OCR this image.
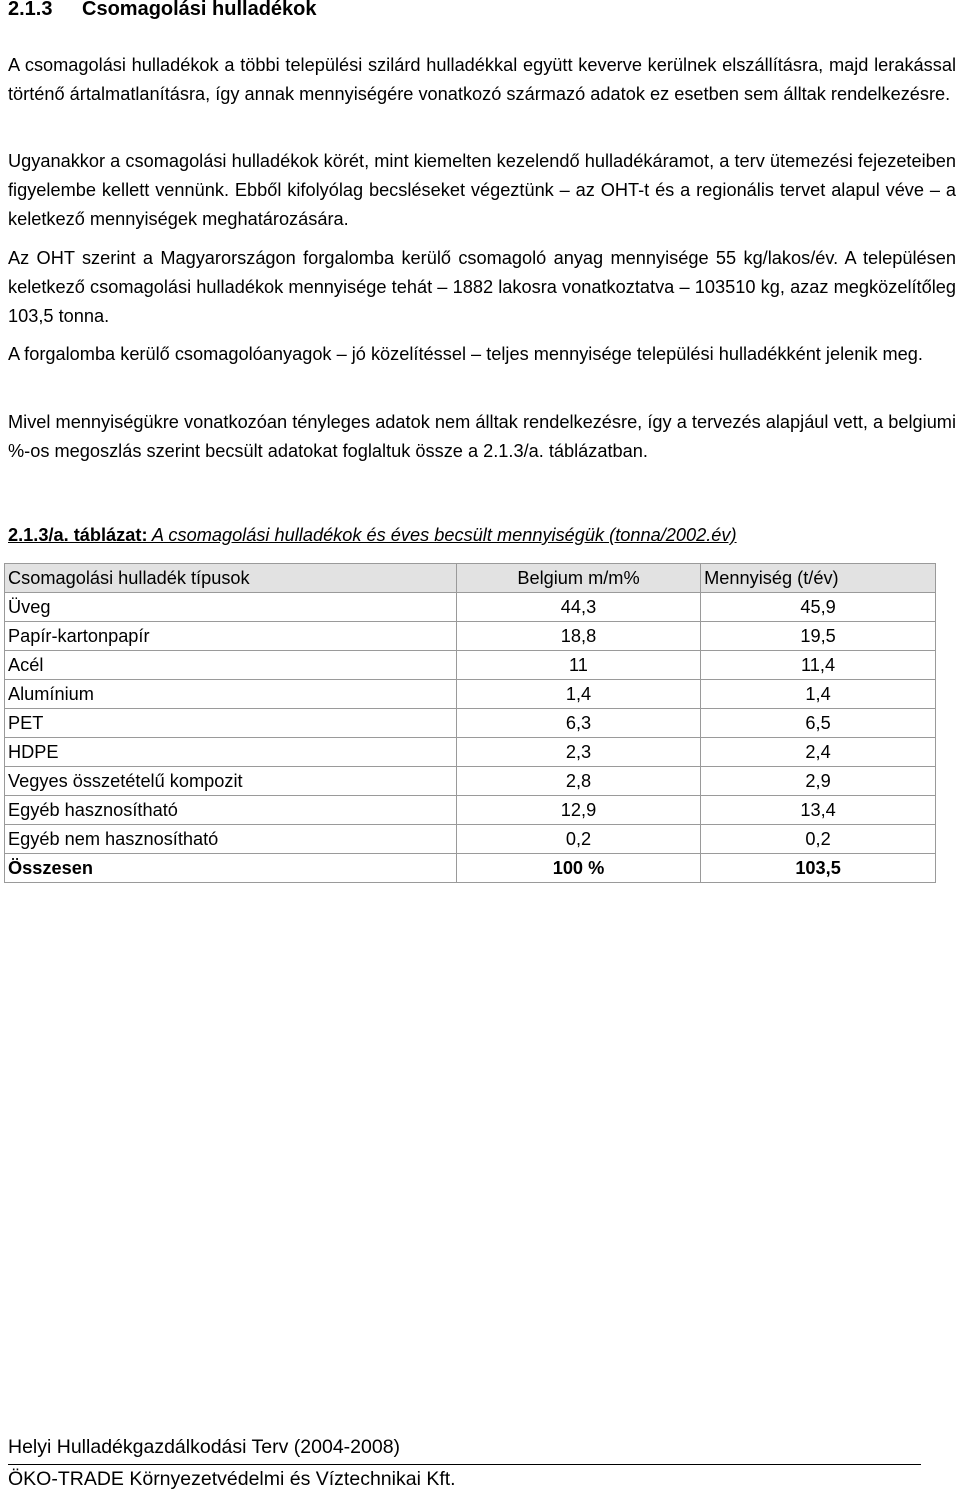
2.1.3 Csomagolási hulladékok

A csomagolási hulladékok a többi települési szilárd hulladékkal együtt keverve kerülnek elszállításra, majd lerakással történő ártalmatlanításra, így annak mennyiségére vonatkozó származó adatok ez esetben sem álltak rendelkezésre.

Ugyanakkor a csomagolási hulladékok körét, mint kiemelten kezelendő hulladékáramot, a terv ütemezési fejezeteiben figyelembe kellett vennünk. Ebből kifolyólag becsléseket végeztünk – az OHT-t és a regionális tervet alapul véve – a keletkező mennyiségek meghatározására.

Az OHT szerint a Magyarországon forgalomba kerülő csomagoló anyag mennyisége 55 kg/lakos/év. A településen keletkező csomagolási hulladékok mennyisége tehát – 1882 lakosra vonatkoztatva – 103510 kg, azaz megközelítőleg 103,5 tonna.

A forgalomba kerülő csomagolóanyagok – jó közelítéssel – teljes mennyisége települési hulladékként jelenik meg.

Mivel mennyiségükre vonatkozóan tényleges adatok nem álltak rendelkezésre, így a tervezés alapjául vett, a belgiumi %-os megoszlás szerint becsült adatokat foglaltuk össze a 2.1.3/a. táblázatban.

2.1.3/a. táblázat: A csomagolási hulladékok és éves becsült mennyiségük (tonna/2002.év)
Csomagolási hulladék típusok	Belgium m/m%	Mennyiség (t/év)
Üveg	44,3	45,9
Papír-kartonpapír	18,8	19,5
Acél	11	11,4
Alumínium	1,4	1,4
PET	6,3	6,5
HDPE	2,3	2,4
Vegyes összetételű kompozit	2,8	2,9
Egyéb hasznosítható	12,9	13,4
Egyéb nem hasznosítható	0,2	0,2
Összesen	100 %	103,5
Helyi Hulladékgazdálkodási Terv (2004-2008)
ÖKO-TRADE Környezetvédelmi és Víztechnikai Kft.
